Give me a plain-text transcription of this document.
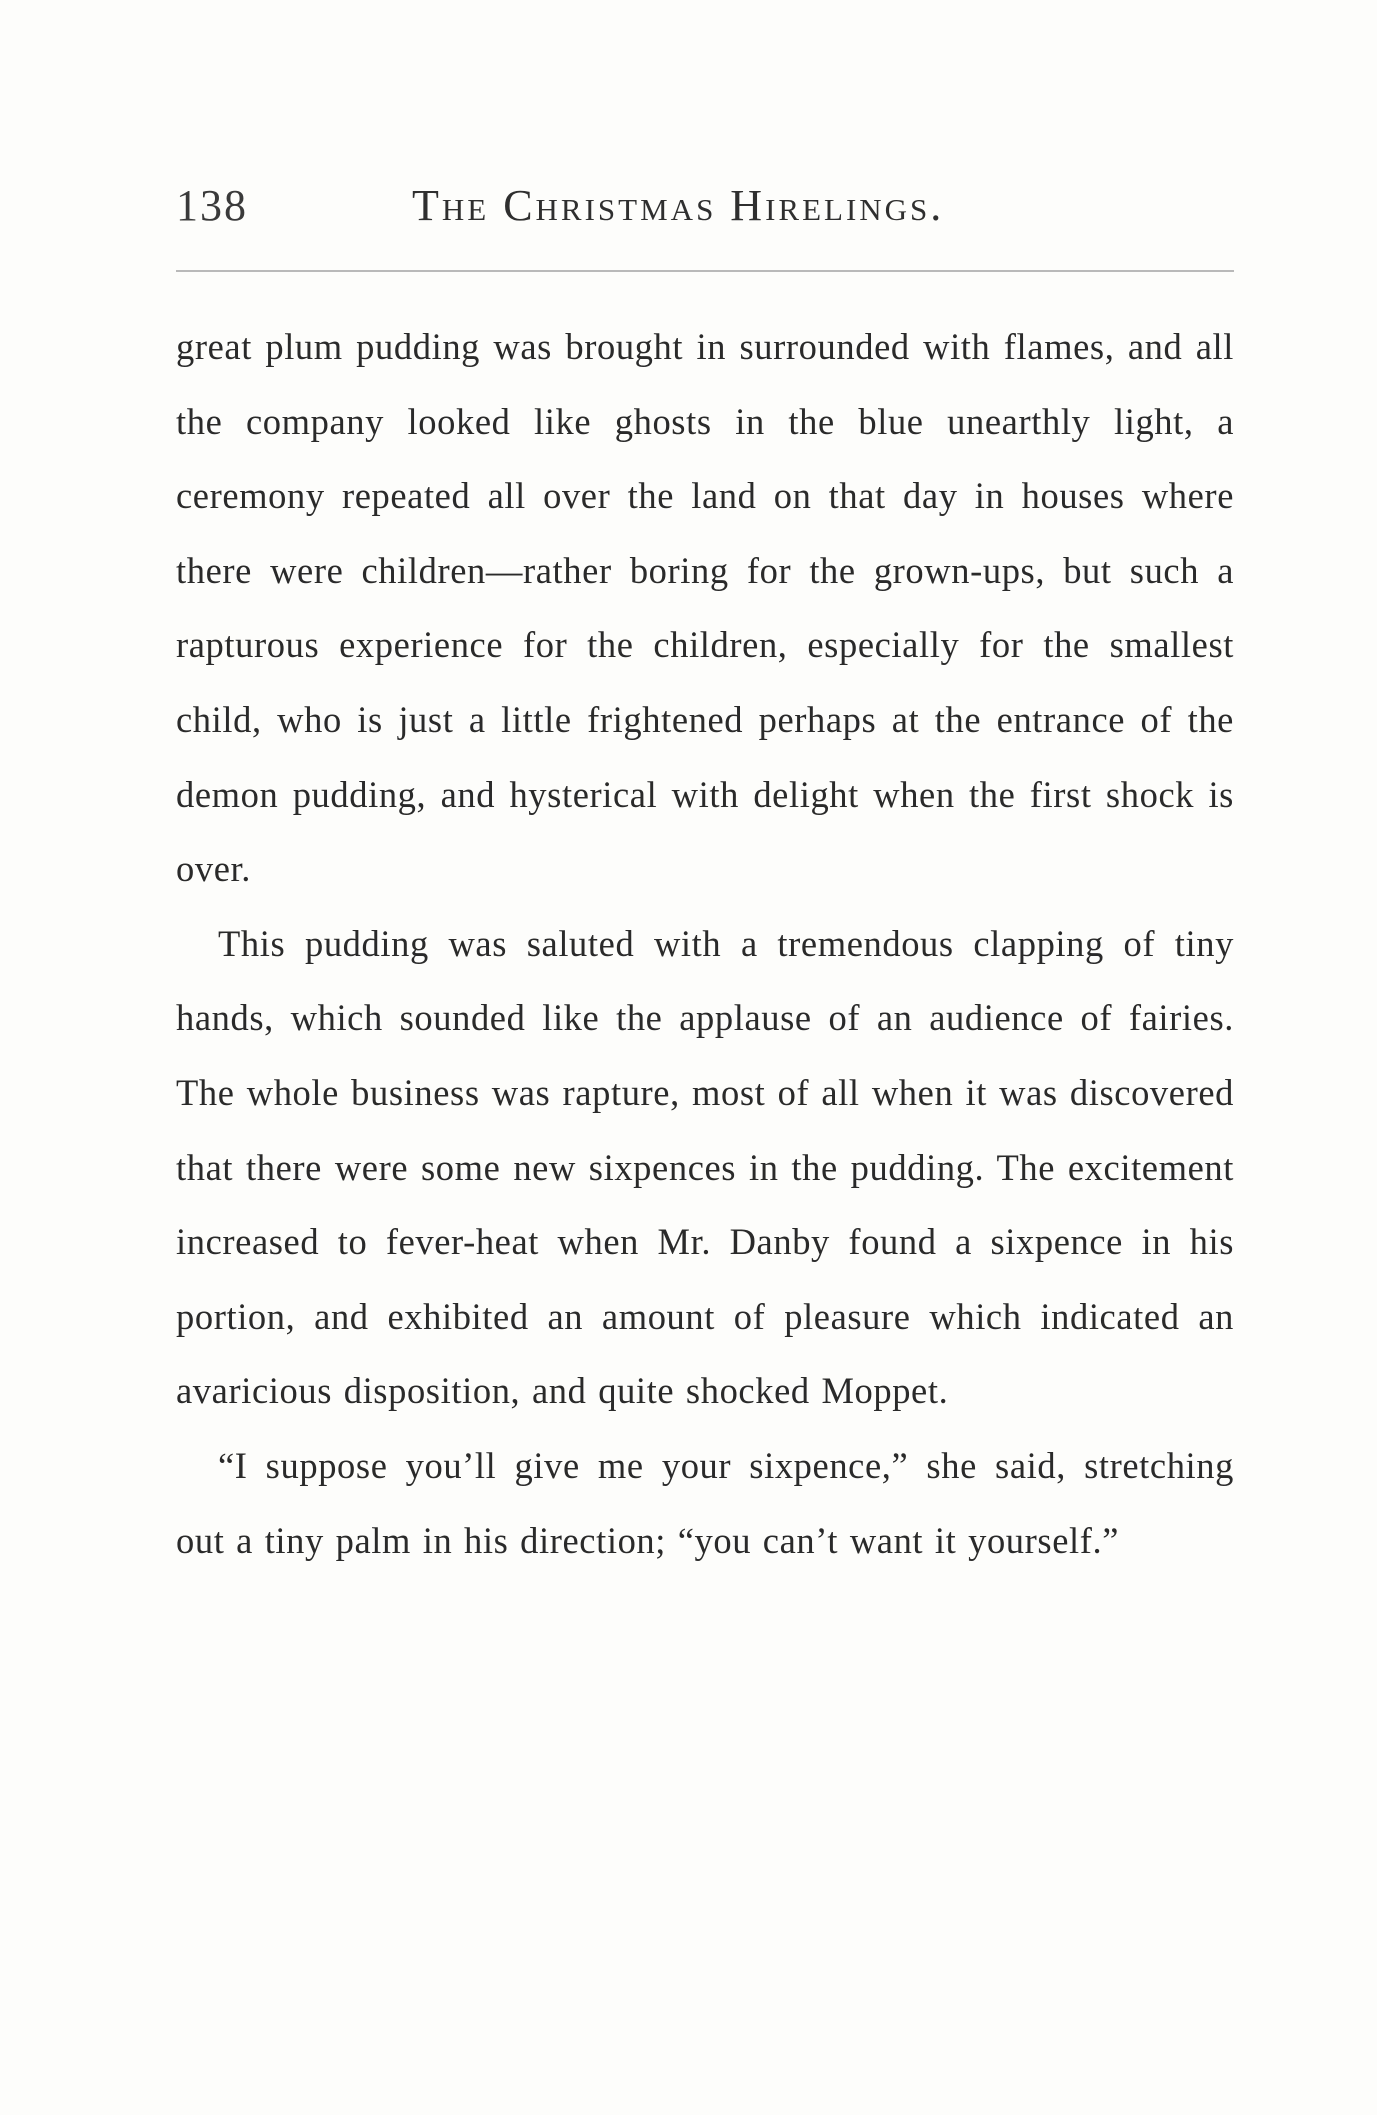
138	The Christmas Hirelings.

great plum pudding was brought in surrounded with flames, and all the company looked like ghosts in the blue unearthly light, a ceremony repeated all over the land on that day in houses where there were children—rather boring for the grown-ups, but such a rapturous experience for the children, especially for the smallest child, who is just a little frightened perhaps at the entrance of the demon pudding, and hysterical with delight when the first shock is over.

This pudding was saluted with a tremendous clapping of tiny hands, which sounded like the applause of an audience of fairies. The whole business was rapture, most of all when it was discovered that there were some new sixpences in the pudding. The excitement increased to fever-heat when Mr. Danby found a sixpence in his portion, and exhibited an amount of pleasure which indicated an avaricious disposition, and quite shocked Moppet.

“I suppose you’ll give me your sixpence,” she said, stretching out a tiny palm in his direction; “you can’t want it yourself.”
